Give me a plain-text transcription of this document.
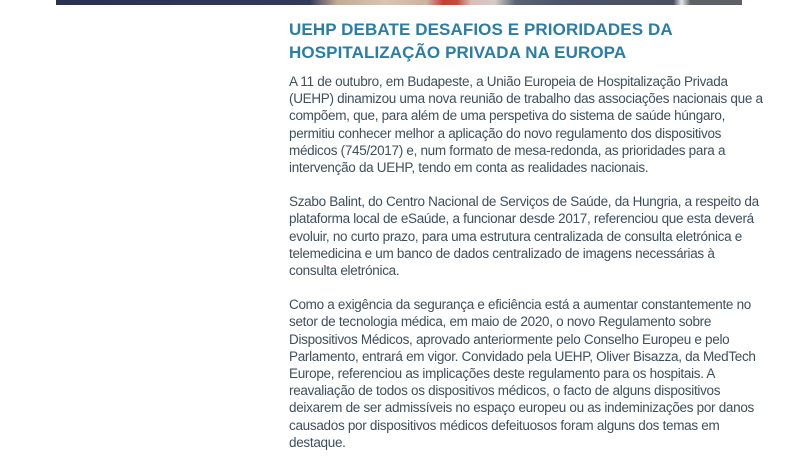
UEHP DEBATE DESAFIOS E PRIORIDADES DA HOSPITALIZAÇÃO PRIVADA NA EUROPA

A 11 de outubro, em Budapeste, a União Europeia de Hospitalização Privada (UEHP) dinamizou uma nova reunião de trabalho das associações nacionais que a compõem, que, para além de uma perspetiva do sistema de saúde húngaro, permitiu conhecer melhor a aplicação do novo regulamento dos dispositivos médicos (745/2017) e, num formato de mesa-redonda, as prioridades para a intervenção da UEHP, tendo em conta as realidades nacionais.

Szabo Balint, do Centro Nacional de Serviços de Saúde, da Hungria, a respeito da plataforma local de eSaúde, a funcionar desde 2017, referenciou que esta deverá evoluir, no curto prazo, para uma estrutura centralizada de consulta eletrónica e telemedicina e um banco de dados centralizado de imagens necessárias à consulta eletrónica.

Como a exigência da segurança e eficiência está a aumentar constantemente no setor de tecnologia médica, em maio de 2020, o novo Regulamento sobre Dispositivos Médicos, aprovado anteriormente pelo Conselho Europeu e pelo Parlamento, entrará em vigor. Convidado pela UEHP, Oliver Bisazza, da MedTech Europe, referenciou as implicações deste regulamento para os hospitais. A reavaliação de todos os dispositivos médicos, o facto de alguns dispositivos deixarem de ser admissíveis no espaço europeu ou as indeminizações por danos causados por dispositivos médicos defeituosos foram alguns dos temas em destaque.
